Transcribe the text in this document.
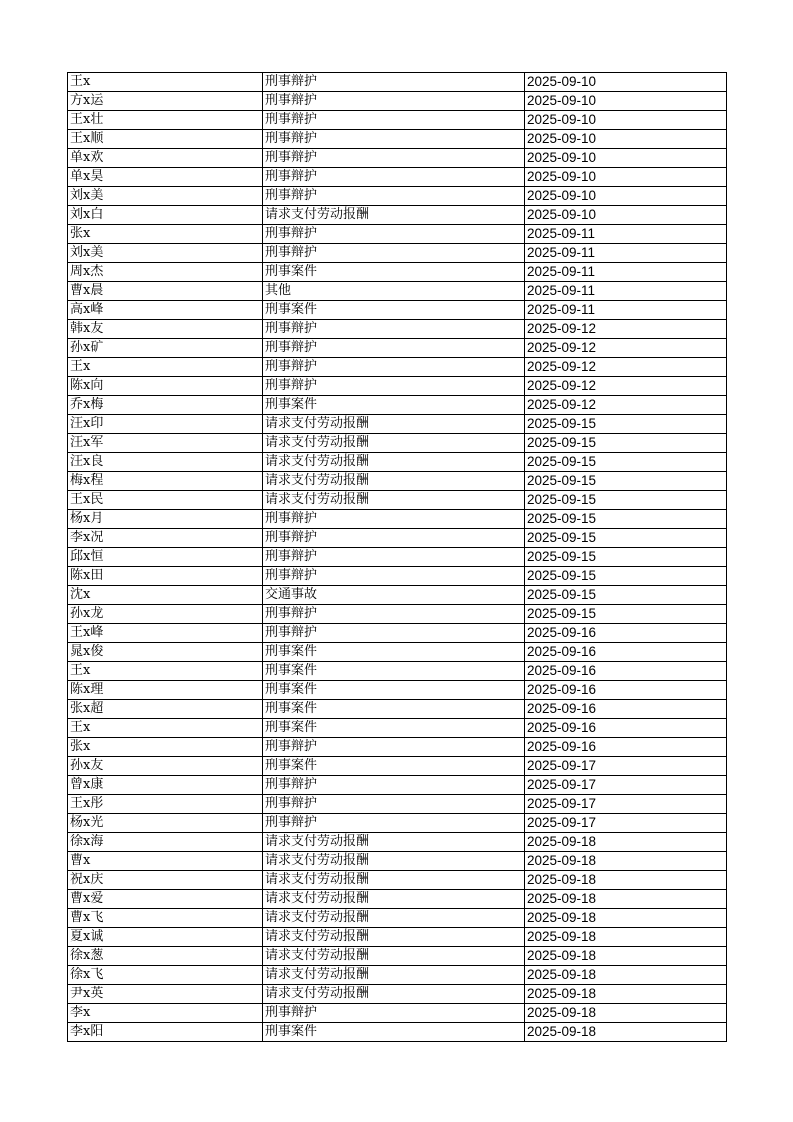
王x	刑事辩护	2025-09-10
方x运	刑事辩护	2025-09-10
王x壮	刑事辩护	2025-09-10
王x顺	刑事辩护	2025-09-10
单x欢	刑事辩护	2025-09-10
单x昊	刑事辩护	2025-09-10
刘x美	刑事辩护	2025-09-10
刘x白	请求支付劳动报酬	2025-09-10
张x	刑事辩护	2025-09-11
刘x美	刑事辩护	2025-09-11
周x杰	刑事案件	2025-09-11
曹x晨	其他	2025-09-11
高x峰	刑事案件	2025-09-11
韩x友	刑事辩护	2025-09-12
孙x矿	刑事辩护	2025-09-12
王x	刑事辩护	2025-09-12
陈x向	刑事辩护	2025-09-12
乔x梅	刑事案件	2025-09-12
汪x印	请求支付劳动报酬	2025-09-15
汪x军	请求支付劳动报酬	2025-09-15
汪x良	请求支付劳动报酬	2025-09-15
梅x程	请求支付劳动报酬	2025-09-15
王x民	请求支付劳动报酬	2025-09-15
杨x月	刑事辩护	2025-09-15
李x况	刑事辩护	2025-09-15
邱x恒	刑事辩护	2025-09-15
陈x田	刑事辩护	2025-09-15
沈x	交通事故	2025-09-15
孙x龙	刑事辩护	2025-09-15
王x峰	刑事辩护	2025-09-16
晁x俊	刑事案件	2025-09-16
王x	刑事案件	2025-09-16
陈x理	刑事案件	2025-09-16
张x超	刑事案件	2025-09-16
王x	刑事案件	2025-09-16
张x	刑事辩护	2025-09-16
孙x友	刑事案件	2025-09-17
曾x康	刑事辩护	2025-09-17
王x彤	刑事辩护	2025-09-17
杨x光	刑事辩护	2025-09-17
徐x海	请求支付劳动报酬	2025-09-18
曹x	请求支付劳动报酬	2025-09-18
祝x庆	请求支付劳动报酬	2025-09-18
曹x爱	请求支付劳动报酬	2025-09-18
曹x飞	请求支付劳动报酬	2025-09-18
夏x诚	请求支付劳动报酬	2025-09-18
徐x葱	请求支付劳动报酬	2025-09-18
徐x飞	请求支付劳动报酬	2025-09-18
尹x英	请求支付劳动报酬	2025-09-18
李x	刑事辩护	2025-09-18
李x阳	刑事案件	2025-09-18
